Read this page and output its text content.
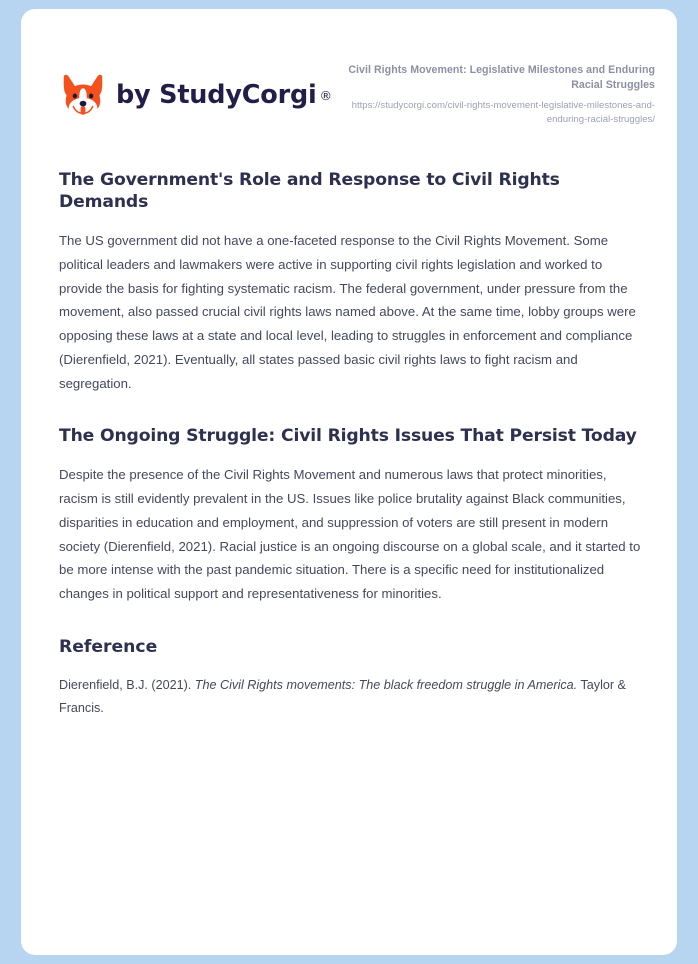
by StudyCorgi ®
Civil Rights Movement: Legislative Milestones and Enduring Racial Struggles
https://studycorgi.com/civil-rights-movement-legislative-milestones-and-enduring-racial-struggles/
The Government's Role and Response to Civil Rights Demands

The US government did not have a one-faceted response to the Civil Rights Movement. Some political leaders and lawmakers were active in supporting civil rights legislation and worked to provide the basis for fighting systematic racism. The federal government, under pressure from the movement, also passed crucial civil rights laws named above. At the same time, lobby groups were opposing these laws at a state and local level, leading to struggles in enforcement and compliance (Dierenfield, 2021). Eventually, all states passed basic civil rights laws to fight racism and segregation.

The Ongoing Struggle: Civil Rights Issues That Persist Today

Despite the presence of the Civil Rights Movement and numerous laws that protect minorities, racism is still evidently prevalent in the US. Issues like police brutality against Black communities, disparities in education and employment, and suppression of voters are still present in modern society (Dierenfield, 2021). Racial justice is an ongoing discourse on a global scale, and it started to be more intense with the past pandemic situation. There is a specific need for institutionalized changes in political support and representativeness for minorities.

Reference

Dierenfield, B.J. (2021). The Civil Rights movements: The black freedom struggle in America. Taylor & Francis.
